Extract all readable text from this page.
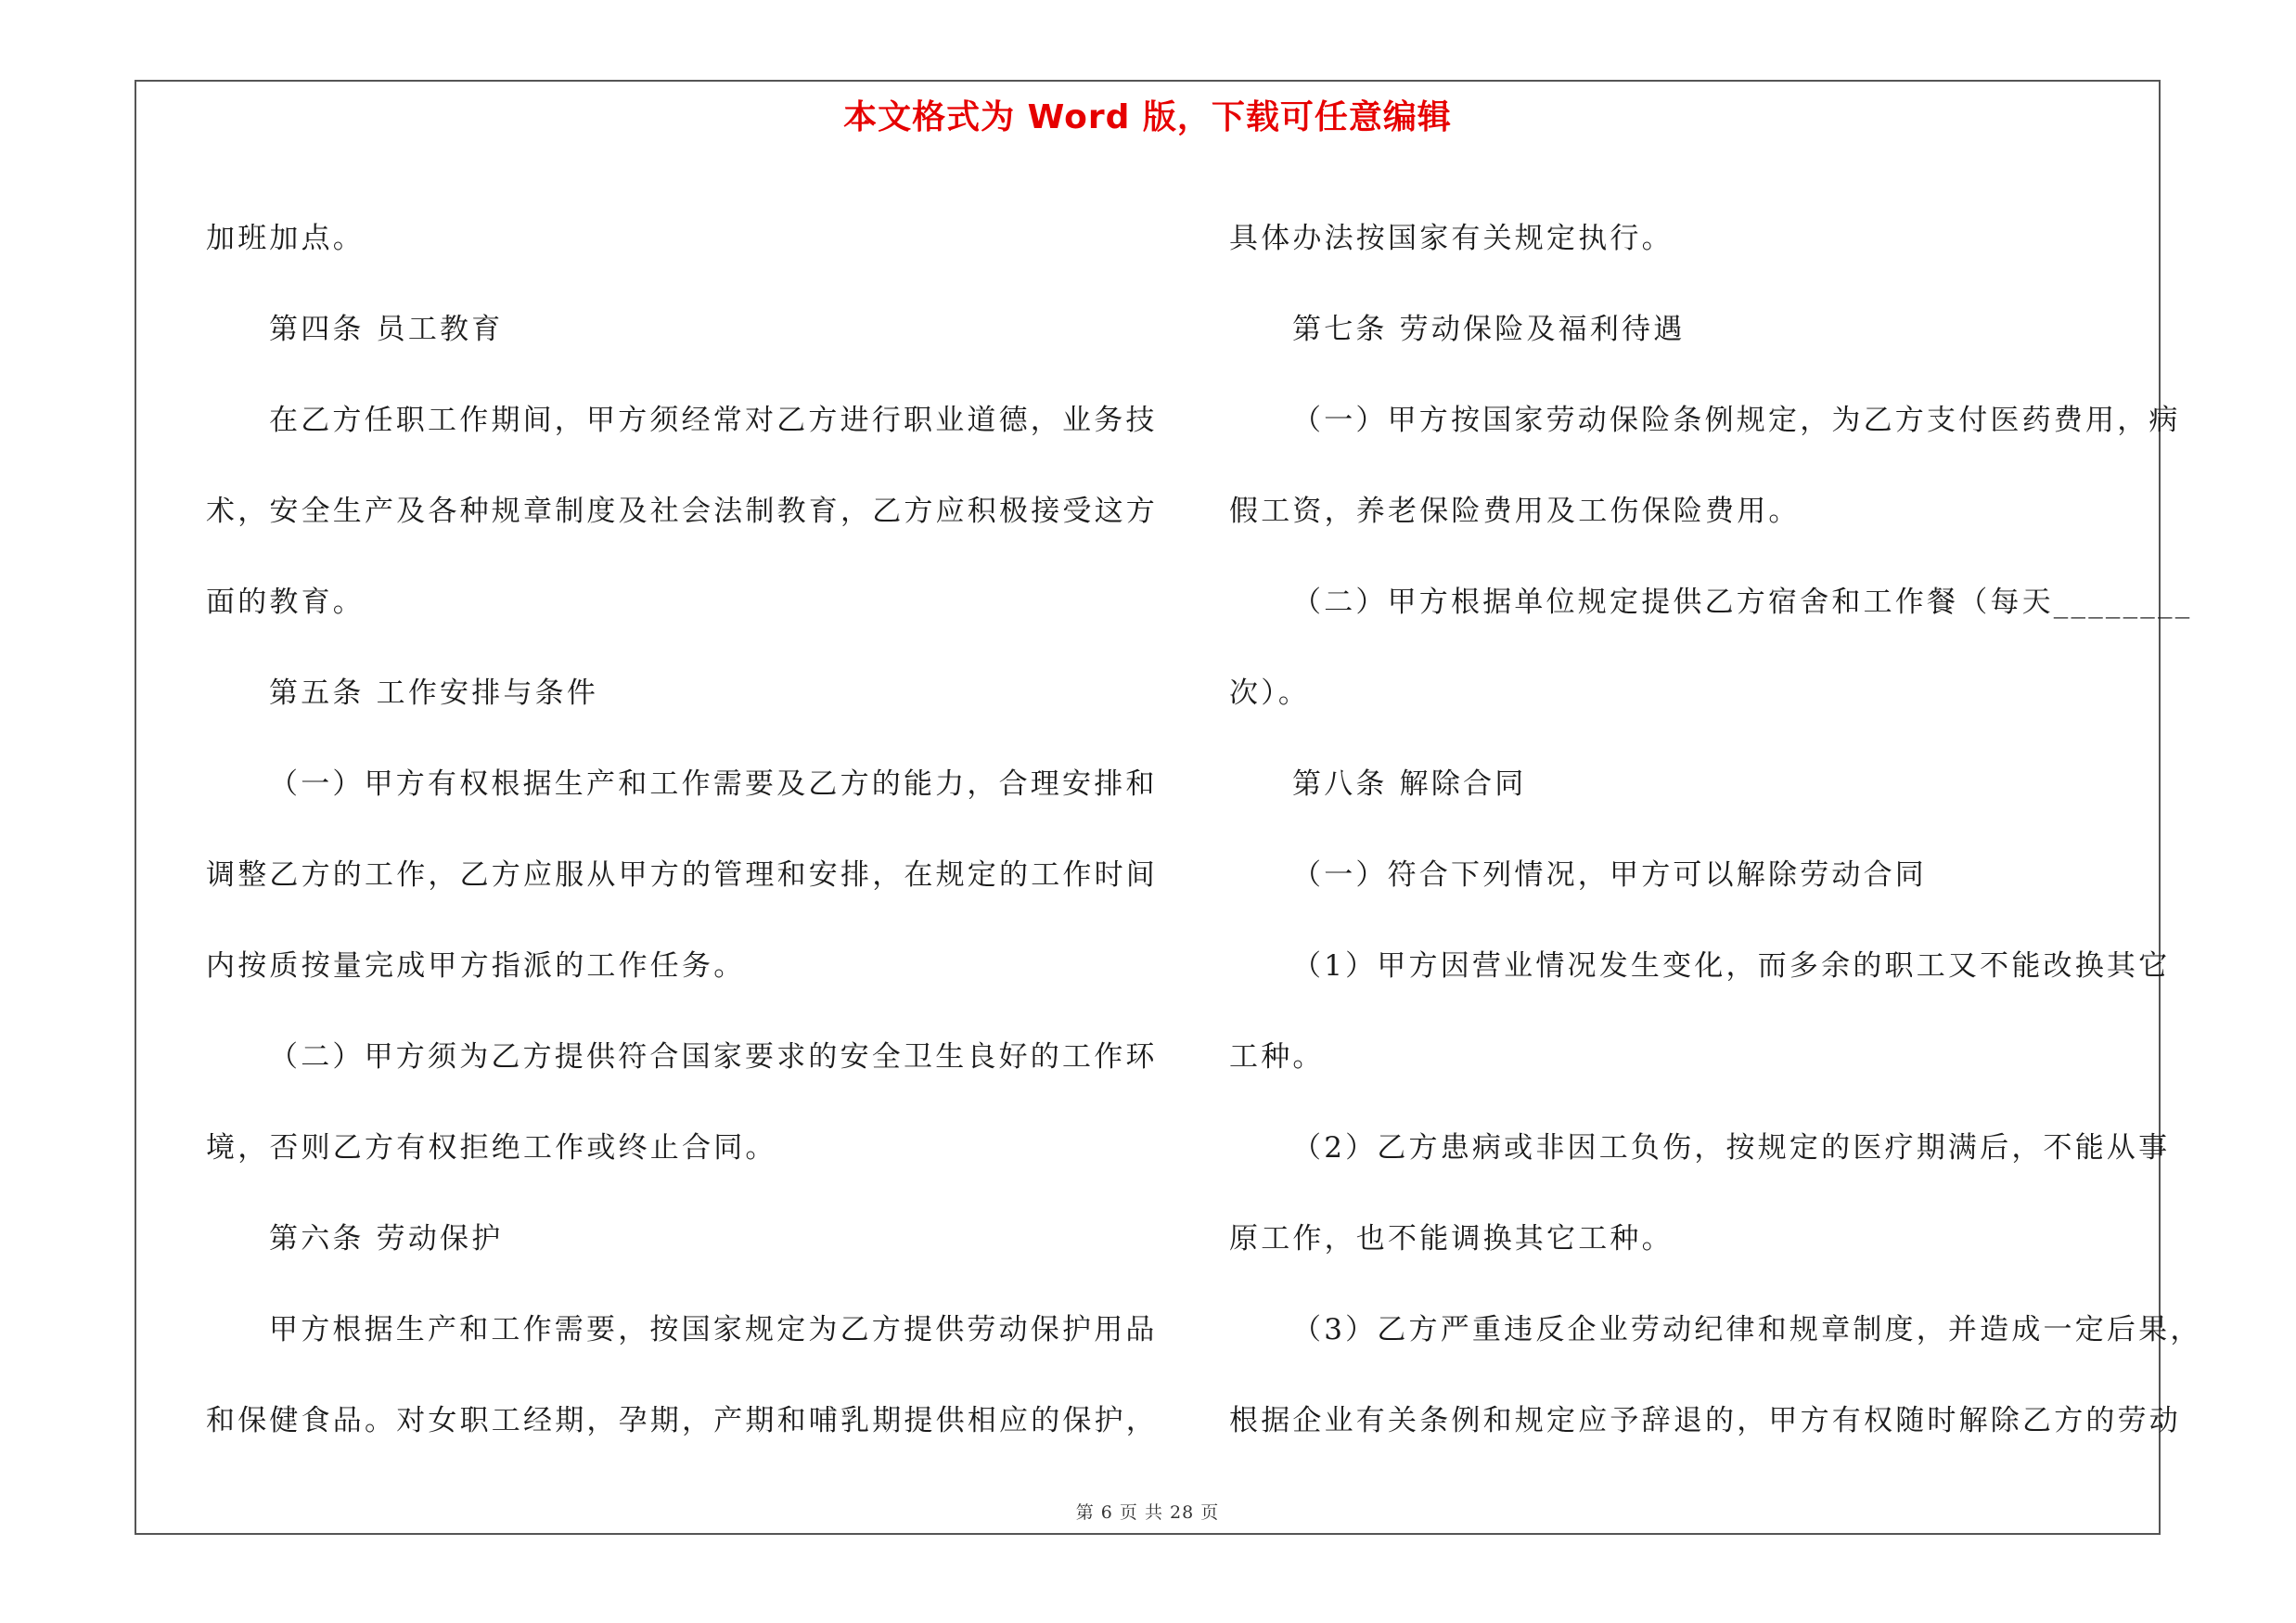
本文格式为 Word 版，下载可任意编辑
加班加点。
第四条 员工教育
在乙方任职工作期间，甲方须经常对乙方进行职业道德，业务技
术，安全生产及各种规章制度及社会法制教育，乙方应积极接受这方
面的教育。
第五条 工作安排与条件
（一）甲方有权根据生产和工作需要及乙方的能力，合理安排和
调整乙方的工作，乙方应服从甲方的管理和安排，在规定的工作时间
内按质按量完成甲方指派的工作任务。
（二）甲方须为乙方提供符合国家要求的安全卫生良好的工作环
境，否则乙方有权拒绝工作或终止合同。
第六条 劳动保护
甲方根据生产和工作需要，按国家规定为乙方提供劳动保护用品
和保健食品。对女职工经期，孕期，产期和哺乳期提供相应的保护，
具体办法按国家有关规定执行。
第七条 劳动保险及福利待遇
（一）甲方按国家劳动保险条例规定，为乙方支付医药费用，病
假工资，养老保险费用及工伤保险费用。
（二）甲方根据单位规定提供乙方宿舍和工作餐（每天________
次）。
第八条 解除合同
（一）符合下列情况，甲方可以解除劳动合同
（1）甲方因营业情况发生变化，而多余的职工又不能改换其它
工种。
（2）乙方患病或非因工负伤，按规定的医疗期满后，不能从事
原工作，也不能调换其它工种。
（3）乙方严重违反企业劳动纪律和规章制度，并造成一定后果，
根据企业有关条例和规定应予辞退的，甲方有权随时解除乙方的劳动
第 6 页 共 28 页
